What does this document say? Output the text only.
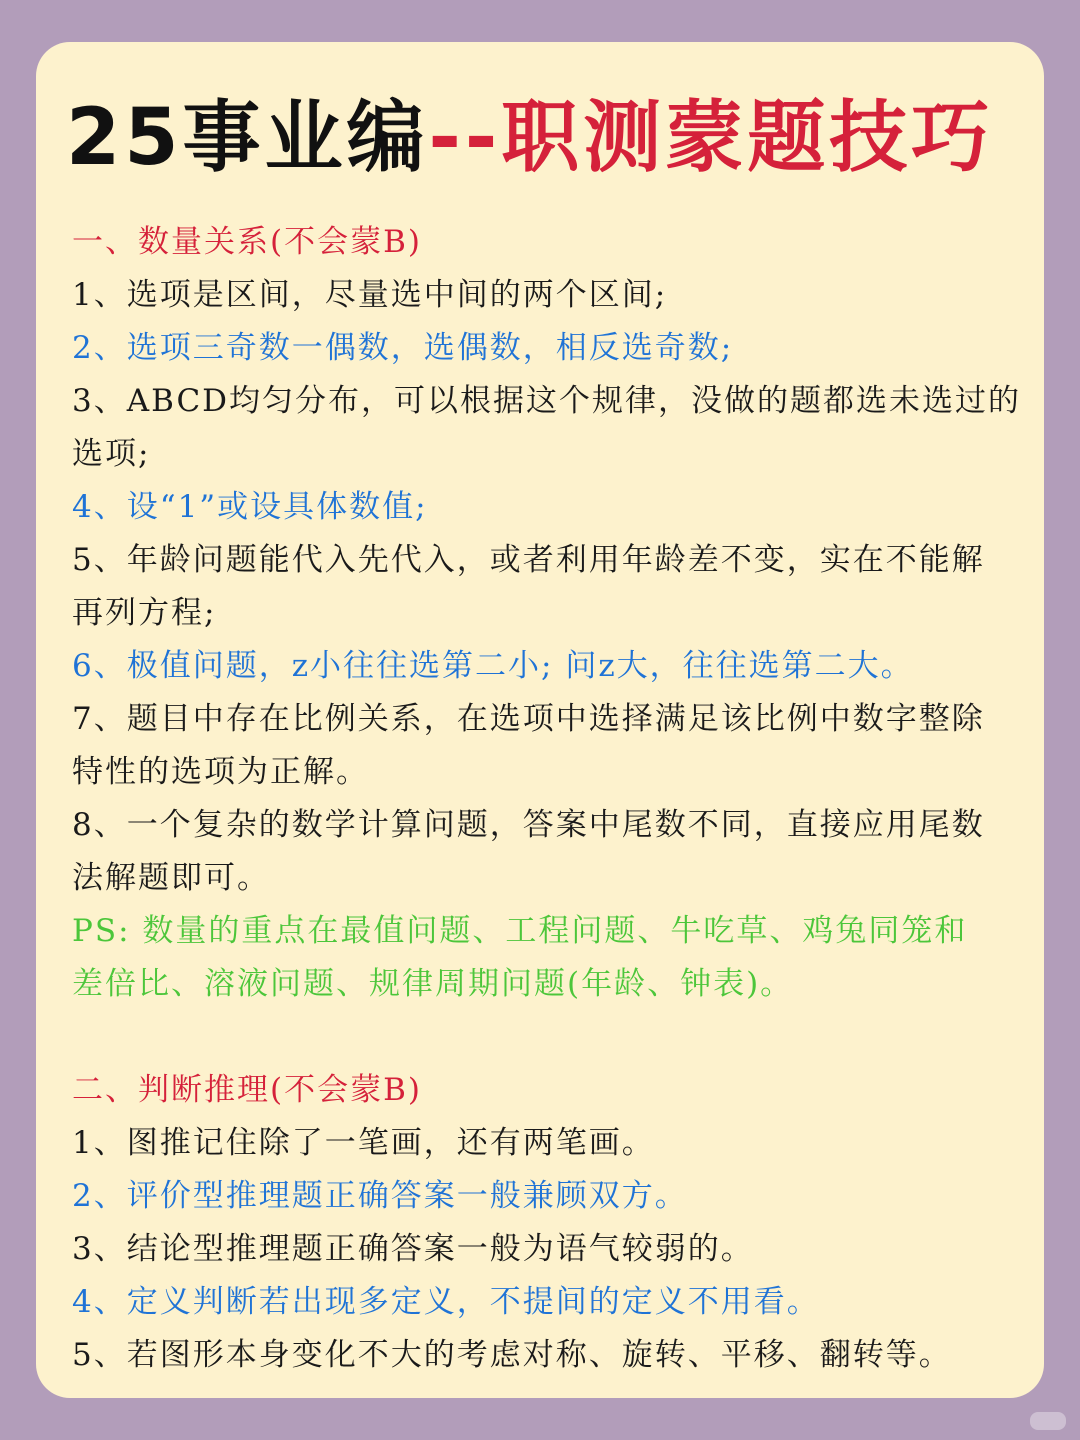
25事业编--职测蒙题技巧
一、数量关系(不会蒙B)
1、选项是区间，尽量选中间的两个区间;
2、选项三奇数一偶数，选偶数，相反选奇数;
3、ABCD均匀分布，可以根据这个规律，没做的题都选未选过的
选项;
4、设“1”或设具体数值;
5、年龄问题能代入先代入，或者利用年龄差不变，实在不能解
再列方程;
6、极值问题，z小往往选第二小; 问z大，往往选第二大。
7、题目中存在比例关系，在选项中选择满足该比例中数字整除
特性的选项为正解。
8、一个复杂的数学计算问题，答案中尾数不同，直接应用尾数
法解题即可。
PS: 数量的重点在最值问题、工程问题、牛吃草、鸡兔同笼和
差倍比、溶液问题、规律周期问题(年龄、钟表)。
二、判断推理(不会蒙B)
1、图推记住除了一笔画，还有两笔画。
2、评价型推理题正确答案一般兼顾双方。
3、结论型推理题正确答案一般为语气较弱的。
4、定义判断若出现多定义，不提间的定义不用看。
5、若图形本身变化不大的考虑对称、旋转、平移、翻转等。
